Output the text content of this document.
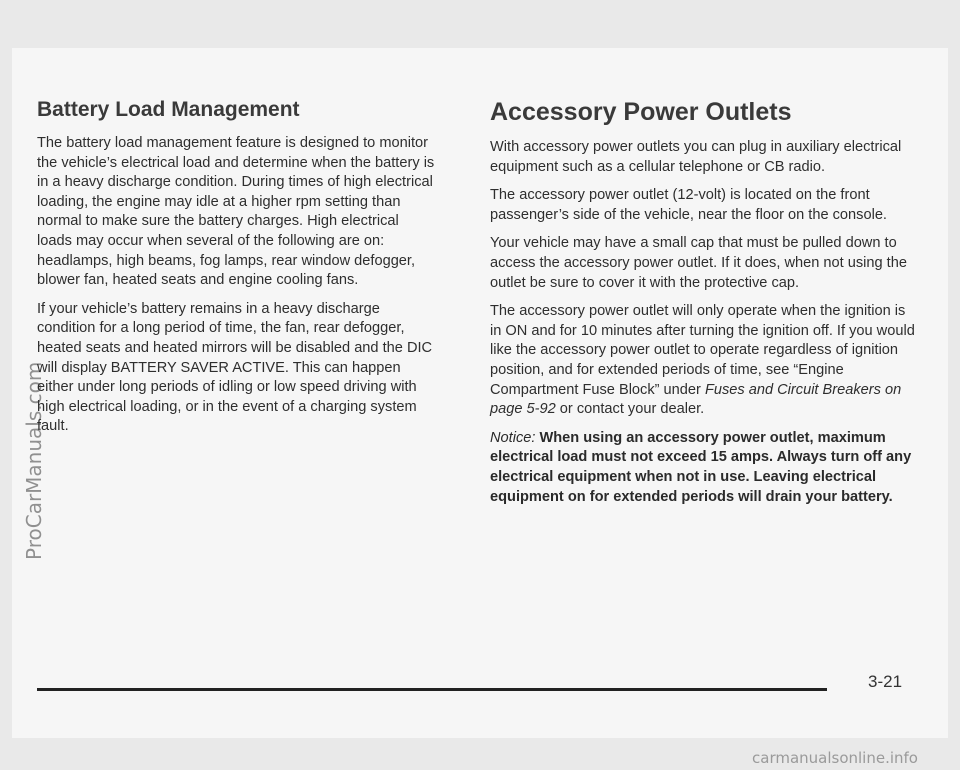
Battery Load Management

The battery load management feature is designed to monitor the vehicle’s electrical load and determine when the battery is in a heavy discharge condition. During times of high electrical loading, the engine may idle at a higher rpm setting than normal to make sure the battery charges. High electrical loads may occur when several of the following are on: headlamps, high beams, fog lamps, rear window defogger, blower fan, heated seats and engine cooling fans.

If your vehicle’s battery remains in a heavy discharge condition for a long period of time, the fan, rear defogger, heated seats and heated mirrors will be disabled and the DIC will display BATTERY SAVER ACTIVE. This can happen either under long periods of idling or low speed driving with high electrical loading, or in the event of a charging system fault.

Accessory Power Outlets

With accessory power outlets you can plug in auxiliary electrical equipment such as a cellular telephone or CB radio.

The accessory power outlet (12-volt) is located on the front passenger’s side of the vehicle, near the floor on the console.

Your vehicle may have a small cap that must be pulled down to access the accessory power outlet. If it does, when not using the outlet be sure to cover it with the protective cap.

The accessory power outlet will only operate when the ignition is in ON and for 10 minutes after turning the ignition off. If you would like the accessory power outlet to operate regardless of ignition position, and for extended periods of time, see “Engine Compartment Fuse Block” under Fuses and Circuit Breakers on page 5-92 or contact your dealer.

Notice: When using an accessory power outlet, maximum electrical load must not exceed 15 amps. Always turn off any electrical equipment when not in use. Leaving electrical equipment on for extended periods will drain your battery.

3-21
ProCarManuals.com
carmanualsonline.info
